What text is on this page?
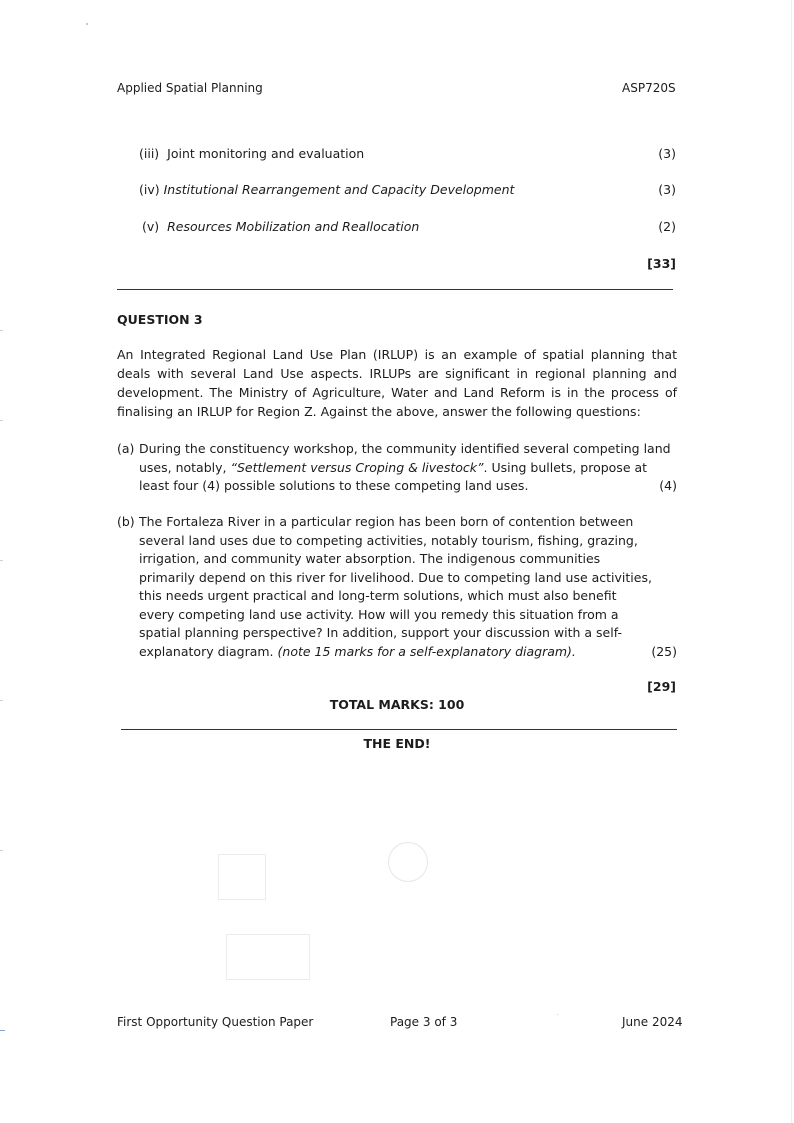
Applied Spatial Planning	ASP720S
(iii) Joint monitoring and evaluation	(3)
(iv) Institutional Rearrangement and Capacity Development	(3)
(v) Resources Mobilization and Reallocation	(2)
[33]
QUESTION 3
An Integrated Regional Land Use Plan (IRLUP) is an example of spatial planning that deals with several Land Use aspects. IRLUPs are significant in regional planning and development. The Ministry of Agriculture, Water and Land Reform is in the process of finalising an IRLUP for Region Z. Against the above, answer the following questions:
(a) During the constituency workshop, the community identified several competing land uses, notably, “Settlement versus Croping & livestock”. Using bullets, propose at least four (4) possible solutions to these competing land uses.	(4)
(b) The Fortaleza River in a particular region has been born of contention between several land uses due to competing activities, notably tourism, fishing, grazing, irrigation, and community water absorption. The indigenous communities primarily depend on this river for livelihood. Due to competing land use activities, this needs urgent practical and long-term solutions, which must also benefit every competing land use activity. How will you remedy this situation from a spatial planning perspective? In addition, support your discussion with a self-explanatory diagram. (note 15 marks for a self-explanatory diagram).	(25)
[29]
TOTAL MARKS: 100
THE END!
First Opportunity Question Paper	Page 3 of 3	June 2024
